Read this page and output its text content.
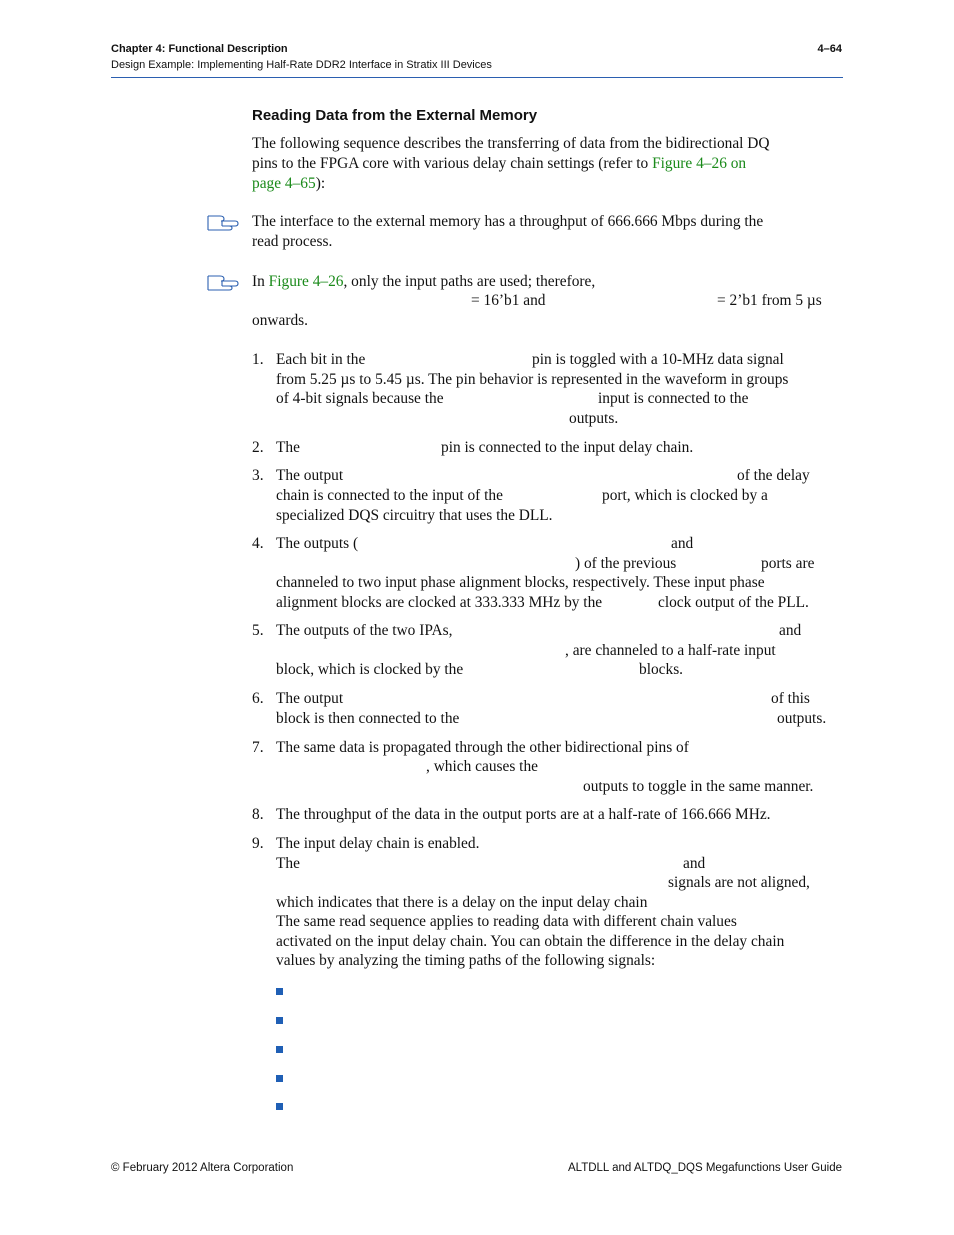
Chapter 4: Functional Description
Design Example: Implementing Half-Rate DDR2 Interface in Stratix III Devices
4–64
Reading Data from the External Memory
The following sequence describes the transferring of data from the bidirectional DQ
pins to the FPGA core with various delay chain settings (refer to Figure 4–26 on
page 4–65):
The interface to the external memory has a throughput of 666.666 Mbps during the
read process.
In Figure 4–26, only the input paths are used; therefore,
= 16’b1 and	= 2’b1 from 5 µs
onwards.
1. Each bit in the	pin is toggled with a 10-MHz data signal
from 5.25 µs to 5.45 µs. The pin behavior is represented in the waveform in groups
of 4-bit signals because the	input is connected to the
outputs.
2. The	pin is connected to the input delay chain.
3. The output	of the delay
chain is connected to the input of the	port, which is clocked by a
specialized DQS circuitry that uses the DLL.
4. The outputs (	and
) of the previous	ports are
channeled to two input phase alignment blocks, respectively. These input phase
alignment blocks are clocked at 333.333 MHz by the	clock output of the PLL.
5. The outputs of the two IPAs,	and
, are channeled to a half-rate input
block, which is clocked by the	blocks.
6. The output	of this
block is then connected to the	outputs.
7. The same data is propagated through the other bidirectional pins of
, which causes the
outputs to toggle in the same manner.
8. The throughput of the data in the output ports are at a half-rate of 166.666 MHz.
9. The input delay chain is enabled.
The	and
signals are not aligned,
which indicates that there is a delay on the input delay chain
The same read sequence applies to reading data with different chain values
activated on the input delay chain. You can obtain the difference in the delay chain
values by analyzing the timing paths of the following signals:
© February 2012 Altera Corporation	ALTDLL and ALTDQ_DQS Megafunctions User Guide
